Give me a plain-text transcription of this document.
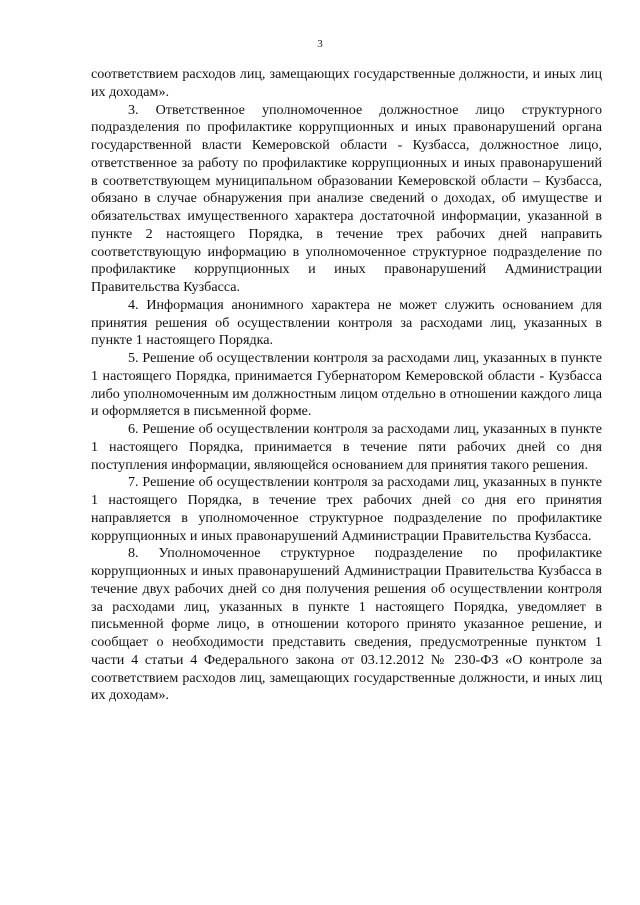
3

соответствием расходов лиц, замещающих государственные должности, и иных лиц их доходам».

3. Ответственное уполномоченное должностное лицо структурного подразделения по профилактике коррупционных и иных правонарушений органа государственной власти Кемеровской области - Кузбасса, должностное лицо, ответственное за работу по профилактике коррупционных и иных правонарушений в соответствующем муниципальном образовании Кемеровской области – Кузбасса, обязано в случае обнаружения при анализе сведений о доходах, об имуществе и обязательствах имущественного характера достаточной информации, указанной в пункте 2 настоящего Порядка, в течение трех рабочих дней направить соответствующую информацию в уполномоченное структурное подразделение по профилактике коррупционных и иных правонарушений Администрации Правительства Кузбасса.

4. Информация анонимного характера не может служить основанием для принятия решения об осуществлении контроля за расходами лиц, указанных в пункте 1 настоящего Порядка.

5. Решение об осуществлении контроля за расходами лиц, указанных в пункте 1 настоящего Порядка, принимается Губернатором Кемеровской области - Кузбасса либо уполномоченным им должностным лицом отдельно в отношении каждого лица и оформляется в письменной форме.

6. Решение об осуществлении контроля за расходами лиц, указанных в пункте 1 настоящего Порядка, принимается в течение пяти рабочих дней со дня поступления информации, являющейся основанием для принятия такого решения.

7. Решение об осуществлении контроля за расходами лиц, указанных в пункте 1 настоящего Порядка, в течение трех рабочих дней со дня его принятия направляется в уполномоченное структурное подразделение по профилактике коррупционных и иных правонарушений Администрации Правительства Кузбасса.

8. Уполномоченное структурное подразделение по профилактике коррупционных и иных правонарушений Администрации Правительства Кузбасса в течение двух рабочих дней со дня получения решения об осуществлении контроля за расходами лиц, указанных в пункте 1 настоящего Порядка, уведомляет в письменной форме лицо, в отношении которого принято указанное решение, и сообщает о необходимости представить сведения, предусмотренные пунктом 1 части 4 статьи 4 Федерального закона от 03.12.2012 № 230-ФЗ «О контроле за соответствием расходов лиц, замещающих государственные должности, и иных лиц их доходам».
